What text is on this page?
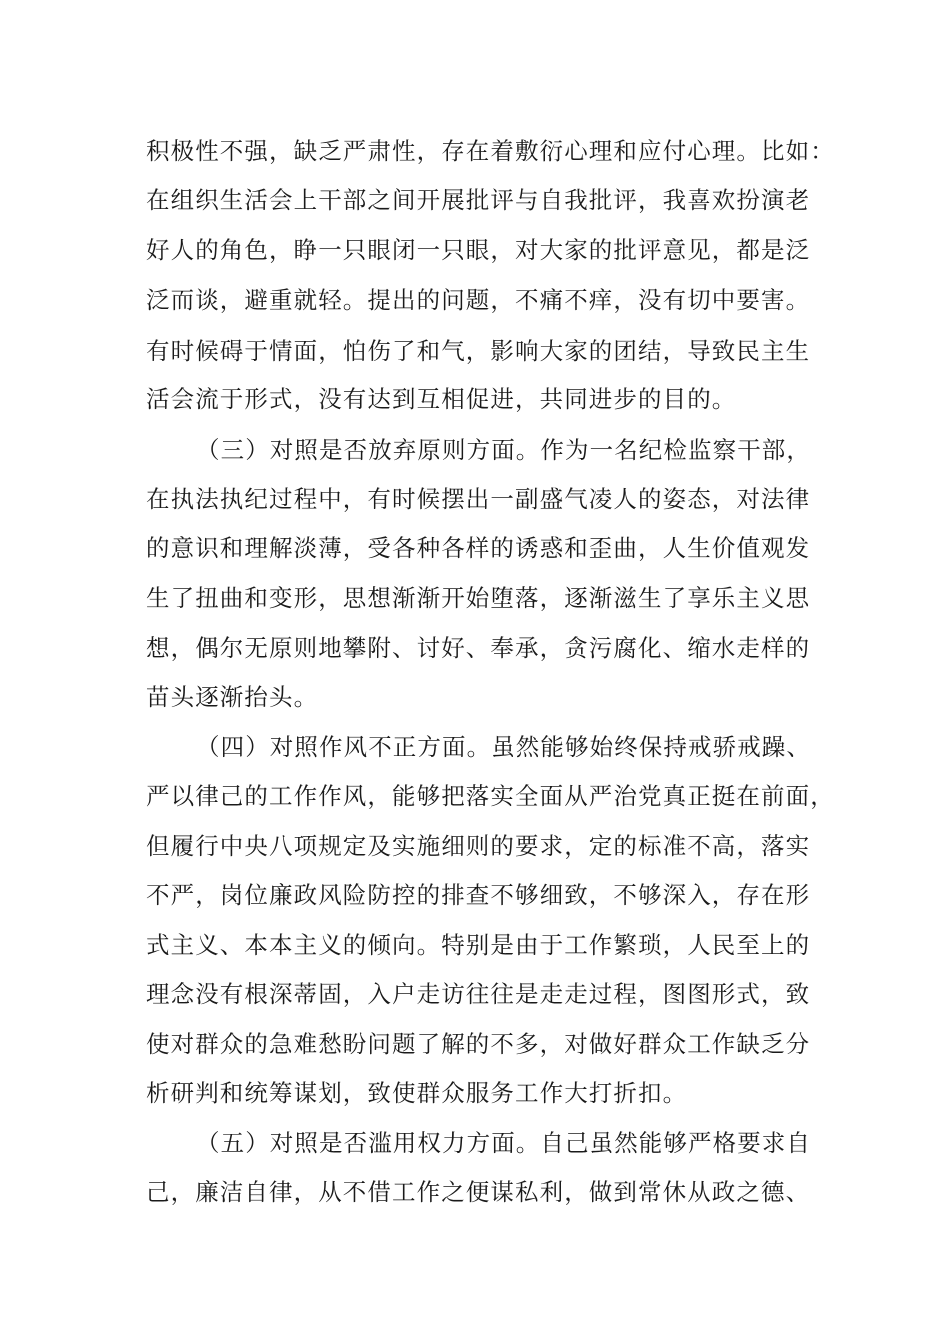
积极性不强，缺乏严肃性，存在着敷衍心理和应付心理。比如：
在组织生活会上干部之间开展批评与自我批评，我喜欢扮演老
好人的角色，睁一只眼闭一只眼，对大家的批评意见，都是泛
泛而谈，避重就轻。提出的问题，不痛不痒，没有切中要害。
有时候碍于情面，怕伤了和气，影响大家的团结，导致民主生
活会流于形式，没有达到互相促进，共同进步的目的。
（三）对照是否放弃原则方面。作为一名纪检监察干部，
在执法执纪过程中，有时候摆出一副盛气凌人的姿态，对法律
的意识和理解淡薄，受各种各样的诱惑和歪曲，人生价值观发
生了扭曲和变形，思想渐渐开始堕落，逐渐滋生了享乐主义思
想，偶尔无原则地攀附、讨好、奉承，贪污腐化、缩水走样的
苗头逐渐抬头。
（四）对照作风不正方面。虽然能够始终保持戒骄戒躁、
严以律己的工作作风，能够把落实全面从严治党真正挺在前面，
但履行中央八项规定及实施细则的要求，定的标准不高，落实
不严，岗位廉政风险防控的排查不够细致，不够深入，存在形
式主义、本本主义的倾向。特别是由于工作繁琐，人民至上的
理念没有根深蒂固，入户走访往往是走走过程，图图形式，致
使对群众的急难愁盼问题了解的不多，对做好群众工作缺乏分
析研判和统筹谋划，致使群众服务工作大打折扣。
（五）对照是否滥用权力方面。自己虽然能够严格要求自
己，廉洁自律，从不借工作之便谋私利，做到常休从政之德、
